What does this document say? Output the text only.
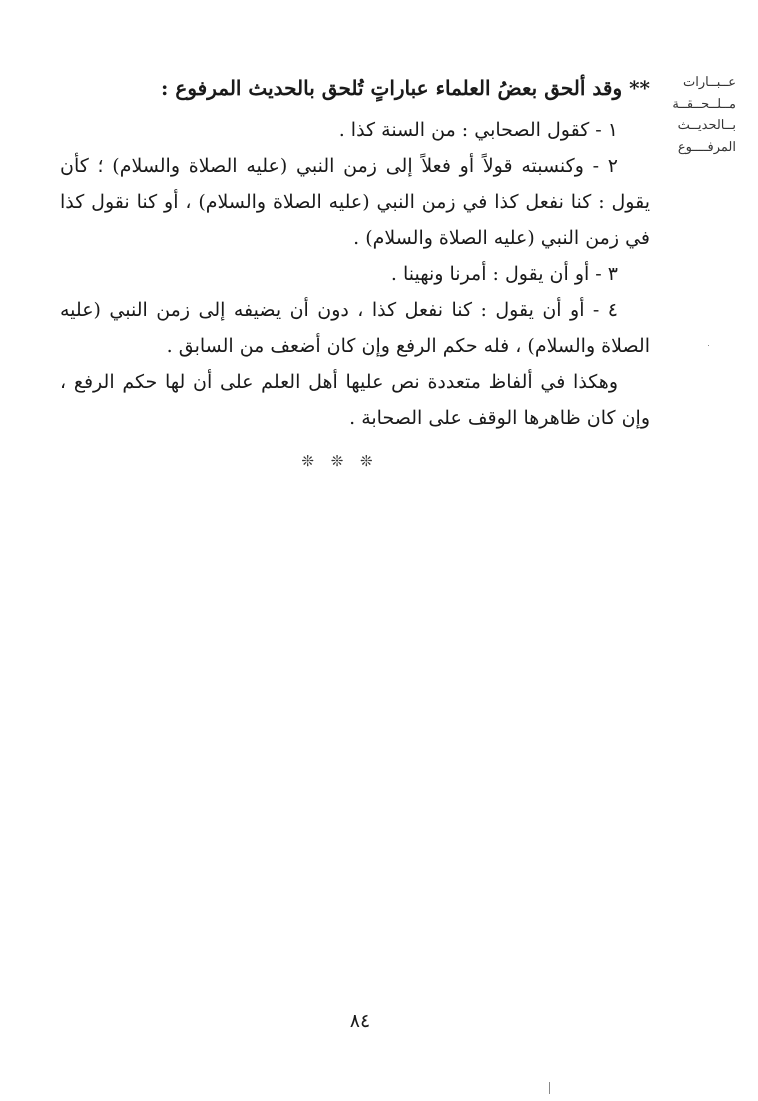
عــبــارات
مــلــحــقــة
بــالحديــث
المرفــــوع

** وقد ألحق بعضُ العلماء عباراتٍ تُلحق بالحديث المرفوع :

١ - كقول الصحابي : من السنة كذا .

٢ - وكنسبته قولاً أو فعلاً إلى زمن النبي (عليه الصلاة والسلام) ؛ كأن يقول : كنا نفعل كذا في زمن النبي (عليه الصلاة والسلام) ، أو كنا نقول كذا في زمن النبي (عليه الصلاة والسلام) .

٣ - أو أن يقول : أمرنا ونهينا .

٤ - أو أن يقول : كنا نفعل كذا ، دون أن يضيفه إلى زمن النبي (عليه الصلاة والسلام) ، فله حكم الرفع وإن كان أضعف من السابق .

وهكذا في ألفاظ متعددة نص عليها أهل العلم على أن لها حكم الرفع ، وإن كان ظاهرها الوقف على الصحابة .

❊ ❊ ❊
٨٤
